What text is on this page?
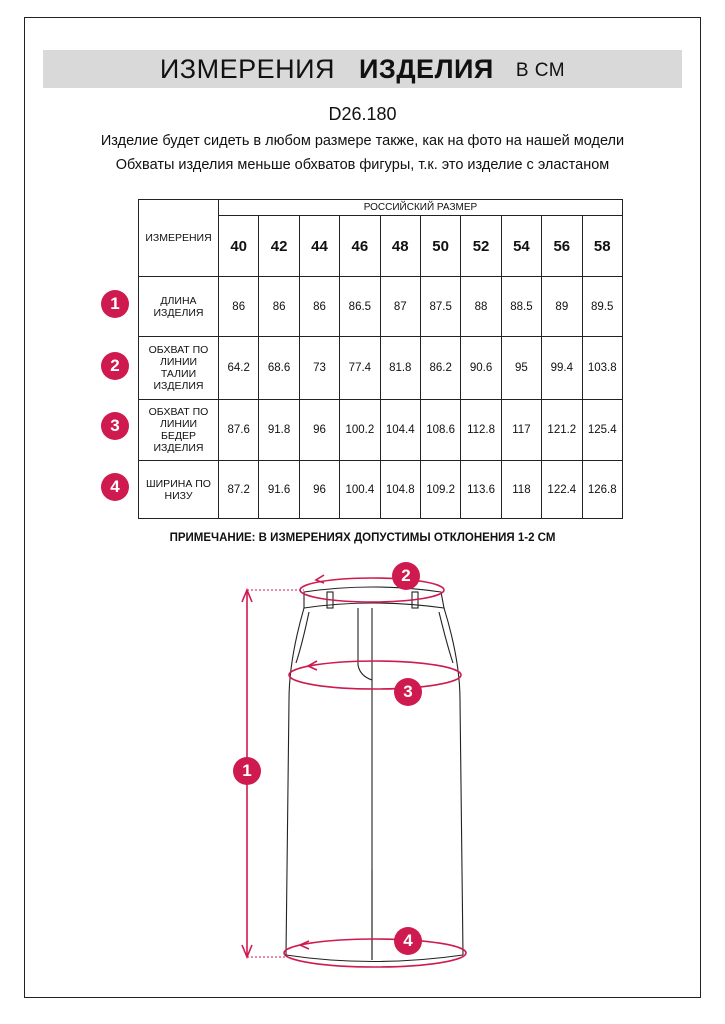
ИЗМЕРЕНИЯ ИЗДЕЛИЯ В СМ
D26.180
Изделие будет сидеть в любом размере также, как на фото на нашей модели
Обхваты изделия меньше обхватов фигуры, т.к. это изделие с эластаном
ИЗМЕРЕНИЯ	РОССИЙСКИЙ РАЗМЕР									
	40	42	44	46	48	50	52	54	56	58

ДЛИНА
ИЗДЕЛИЯ	86	86	86	86.5	87	87.5	88	88.5	89	89.5

ОБХВАТ ПО
ЛИНИИ
ТАЛИИ
ИЗДЕЛИЯ	64.2	68.6	73	77.4	81.8	86.2	90.6	95	99.4	103.8

ОБХВАТ ПО
ЛИНИИ
БЕДЕР
ИЗДЕЛИЯ	87.6	91.8	96	100.2	104.4	108.6	112.8	117	121.2	125.4

ШИРИНА ПО
НИЗУ	87.2	91.6	96	100.4	104.8	109.2	113.6	118	122.4	126.8
1
2
3
4
ПРИМЕЧАНИЕ: В ИЗМЕРЕНИЯХ ДОПУСТИМЫ ОТКЛОНЕНИЯ 1-2 СМ
1
2
3
4
